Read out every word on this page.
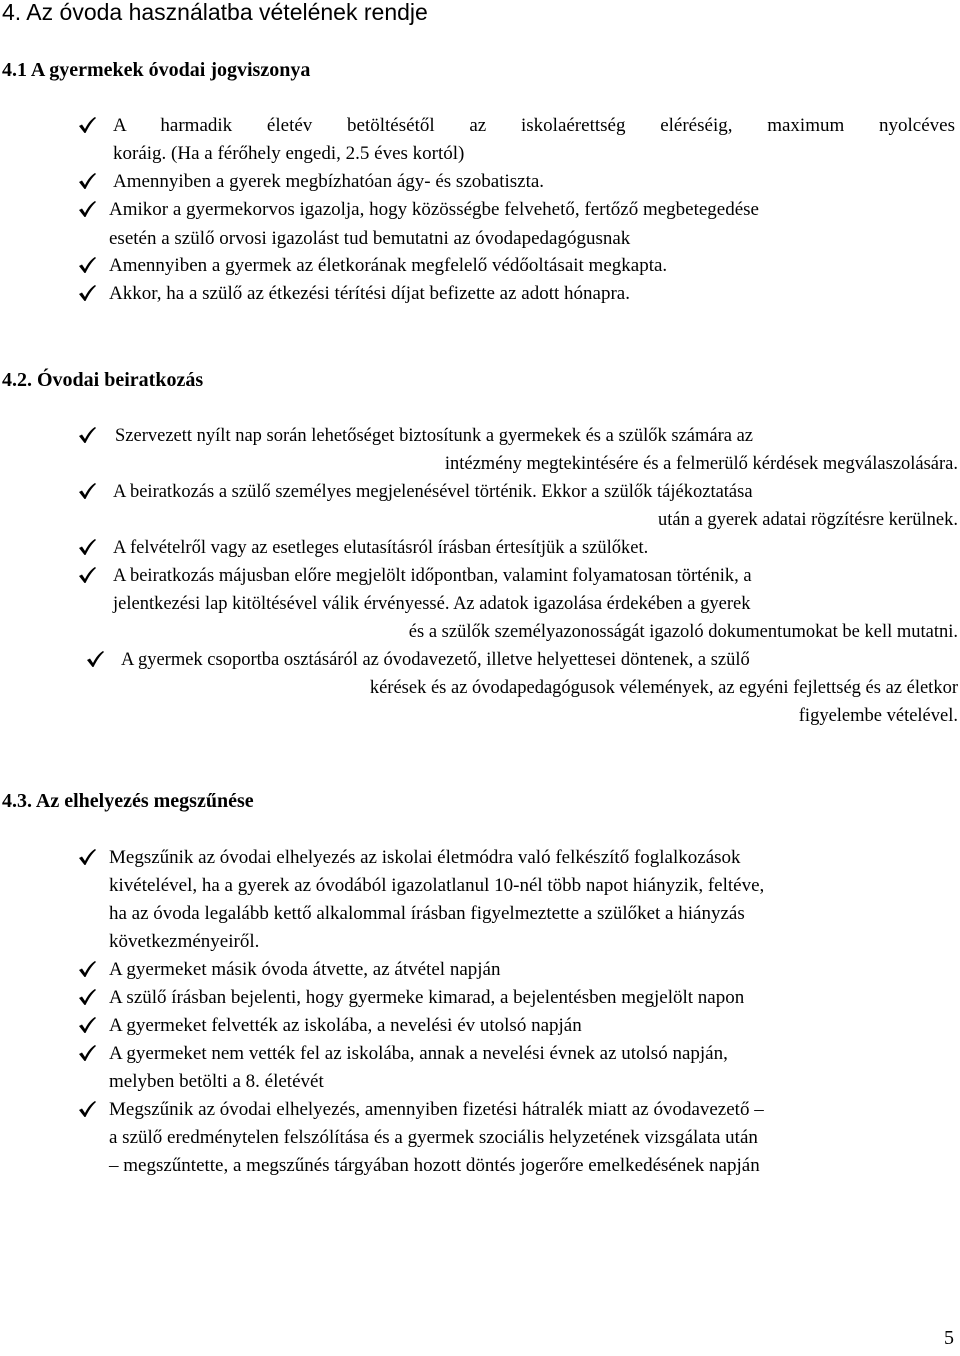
4. Az óvoda használatba vételének rendje
4.1 A gyermekek óvodai jogviszonya
A harmadik életév betöltésétől az iskolaérettség eléréséig, maximum nyolcéves
koráig. (Ha a férőhely engedi, 2.5 éves kortól)
Amennyiben a gyerek megbízhatóan ágy- és szobatiszta.
Amikor a gyermekorvos igazolja, hogy közösségbe felvehető, fertőző megbetegedése
esetén a szülő orvosi igazolást tud bemutatni az óvodapedagógusnak
Amennyiben a gyermek az életkorának megfelelő védőoltásait megkapta.
Akkor, ha a szülő az étkezési térítési díjat befizette az adott hónapra.
4.2. Óvodai beiratkozás
Szervezett nyílt nap során lehetőséget biztosítunk a gyermekek és a szülők számára az
intézmény megtekintésére és a felmerülő kérdések megválaszolására.
A beiratkozás a szülő személyes megjelenésével történik. Ekkor a szülők tájékoztatása
után a gyerek adatai rögzítésre kerülnek.
A felvételről vagy az esetleges elutasításról írásban értesítjük a szülőket.
A beiratkozás májusban előre megjelölt időpontban, valamint folyamatosan történik, a
jelentkezési lap kitöltésével válik érvényessé. Az adatok igazolása érdekében a gyerek
és a szülők személyazonosságát igazoló dokumentumokat be kell mutatni.
A gyermek csoportba osztásáról az óvodavezető, illetve helyettesei döntenek, a szülő
kérések és az óvodapedagógusok vélemények, az egyéni fejlettség és az életkor
figyelembe vételével.
4.3. Az elhelyezés megszűnése
Megszűnik az óvodai elhelyezés az iskolai életmódra való felkészítő foglalkozások
kivételével, ha a gyerek az óvodából igazolatlanul 10-nél több napot hiányzik, feltéve,
ha az óvoda legalább kettő alkalommal írásban figyelmeztette a szülőket a hiányzás
következményeiről.
A gyermeket másik óvoda átvette, az átvétel napján
A szülő írásban bejelenti, hogy gyermeke kimarad, a bejelentésben megjelölt napon
A gyermeket felvették az iskolába, a nevelési év utolsó napján
A gyermeket nem vették fel az iskolába, annak a nevelési évnek az utolsó napján,
melyben betölti a 8. életévét
Megszűnik az óvodai elhelyezés, amennyiben fizetési hátralék miatt az óvodavezető –
a szülő eredménytelen felszólítása és a gyermek szociális helyzetének vizsgálata után
– megszűntette, a megszűnés tárgyában hozott döntés jogerőre emelkedésének napján
5
